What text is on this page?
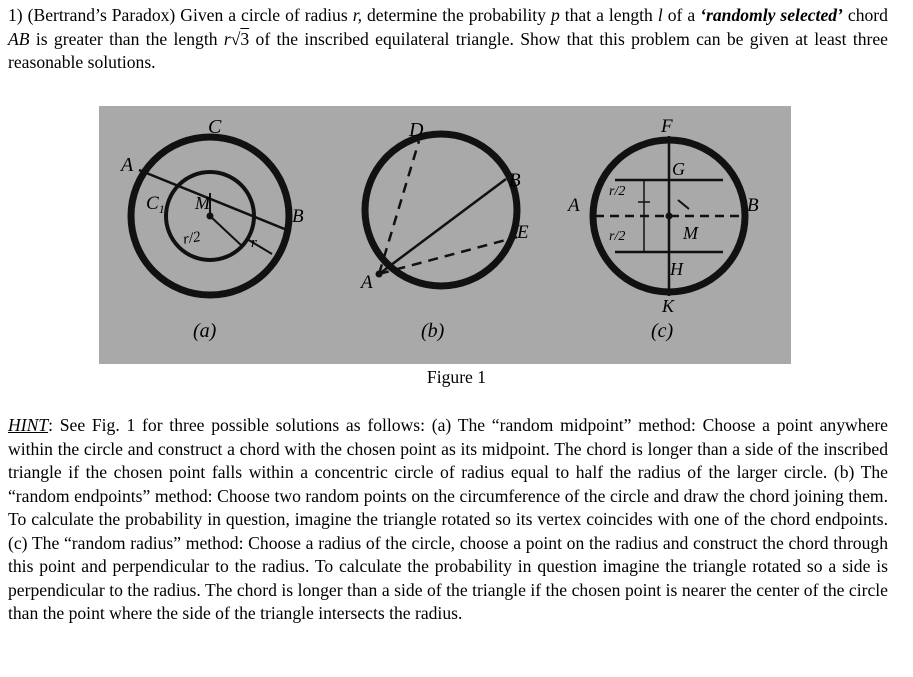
1) (Bertrand’s Paradox) Given a circle of radius r, determine the probability p that a length l of a ‘randomly selected’ chord AB is greater than the length r√3 of the inscribed equilateral triangle. Show that this problem can be given at least three reasonable solutions.

C
A
$C_1$ M
B
r/2	r
(a)
D
B
E
A
(b)
F
G
A	B
M
H
K
r/2
r/2
(c)
Figure 1

HINT: See Fig. 1 for three possible solutions as follows: (a) The “random midpoint” method: Choose a point anywhere within the circle and construct a chord with the chosen point as its midpoint. The chord is longer than a side of the inscribed triangle if the chosen point falls within a concentric circle of radius equal to half the radius of the larger circle. (b) The “random endpoints” method: Choose two random points on the circumference of the circle and draw the chord joining them. To calculate the probability in question, imagine the triangle rotated so its vertex coincides with one of the chord endpoints. (c) The “random radius” method: Choose a radius of the circle, choose a point on the radius and construct the chord through this point and perpendicular to the radius. To calculate the probability in question imagine the triangle rotated so a side is perpendicular to the radius. The chord is longer than a side of the triangle if the chosen point is nearer the center of the circle than the point where the side of the triangle intersects the radius.
